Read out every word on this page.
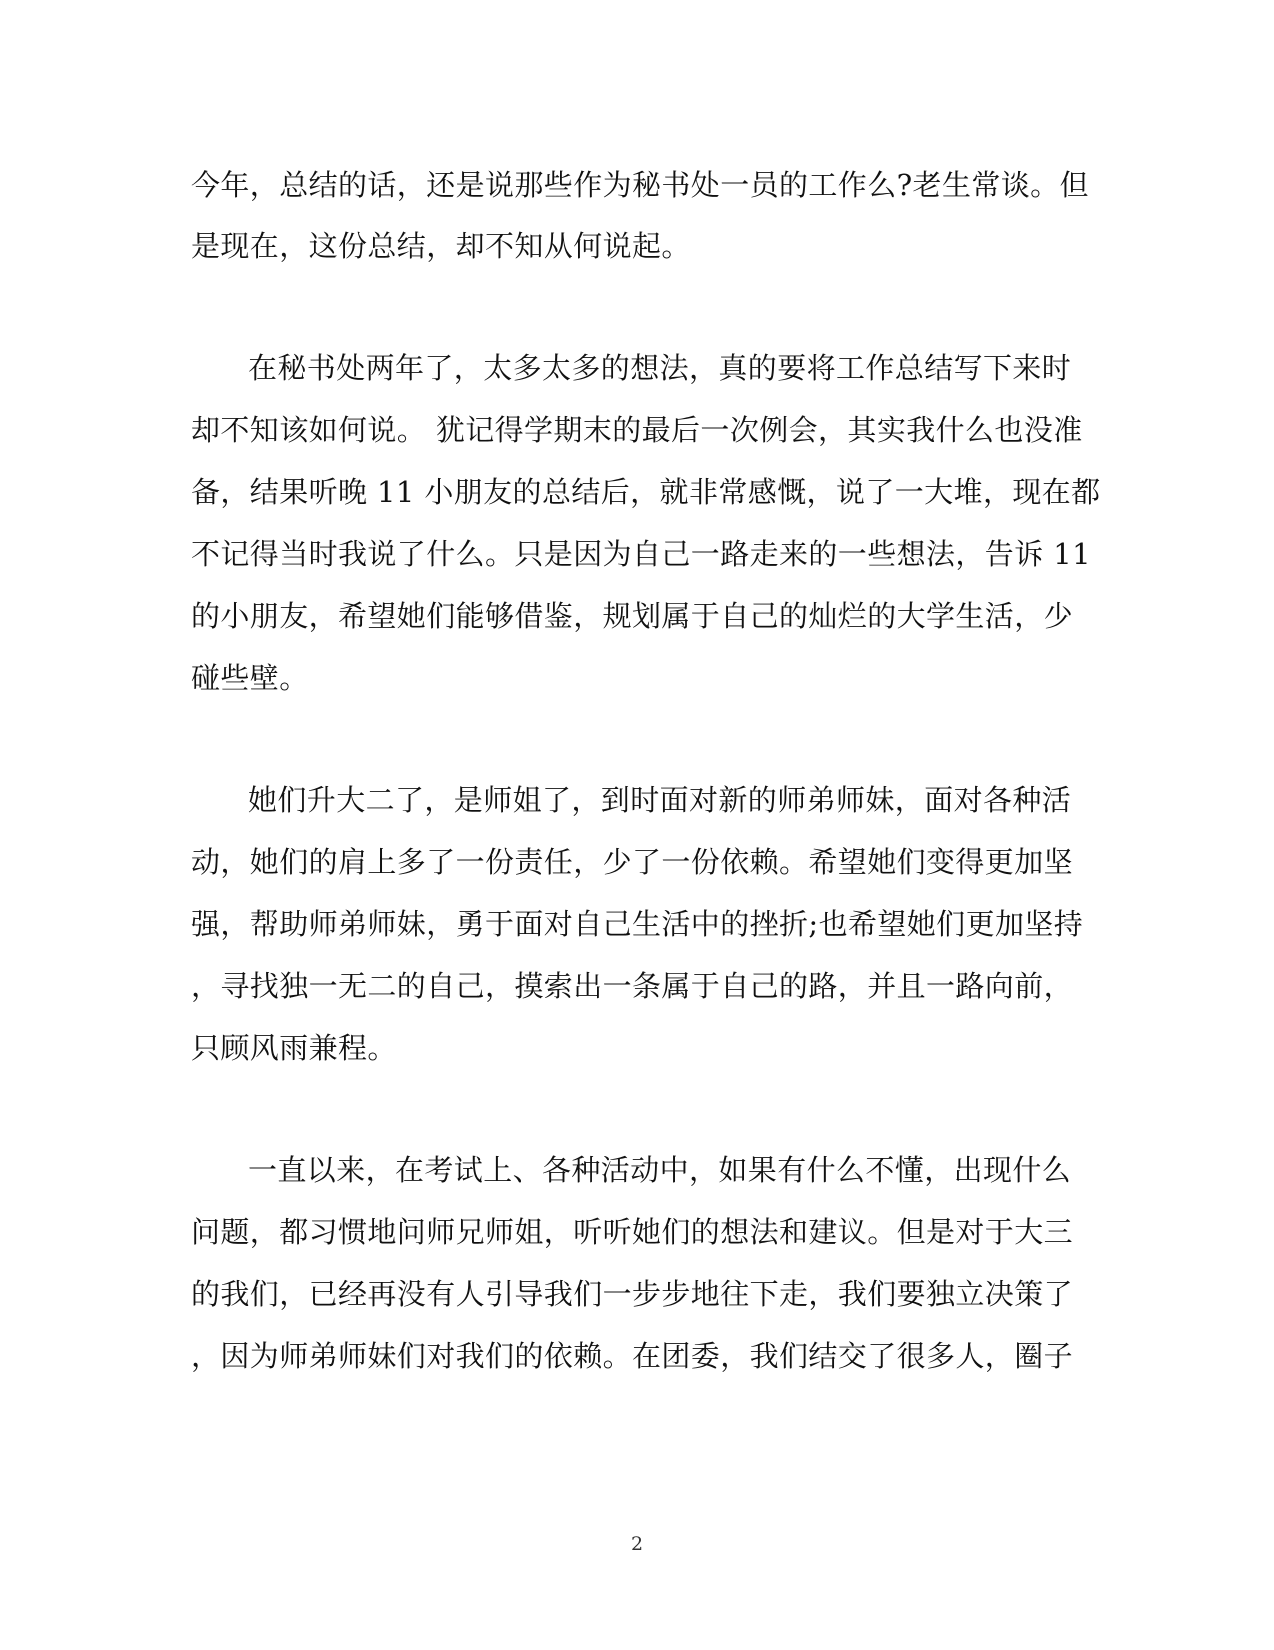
今年，总结的话，还是说那些作为秘书处一员的工作么?老生常谈。但
是现在，这份总结，却不知从何说起。
在秘书处两年了，太多太多的想法，真的要将工作总结写下来时
却不知该如何说。 犹记得学期末的最后一次例会，其实我什么也没准
备，结果听晚 11 小朋友的总结后，就非常感慨，说了一大堆，现在都
不记得当时我说了什么。只是因为自己一路走来的一些想法，告诉 11
的小朋友，希望她们能够借鉴，规划属于自己的灿烂的大学生活，少
碰些壁。
她们升大二了，是师姐了，到时面对新的师弟师妹，面对各种活
动，她们的肩上多了一份责任，少了一份依赖。希望她们变得更加坚
强，帮助师弟师妹，勇于面对自己生活中的挫折;也希望她们更加坚持
，寻找独一无二的自己，摸索出一条属于自己的路，并且一路向前，
只顾风雨兼程。
一直以来，在考试上、各种活动中，如果有什么不懂，出现什么
问题，都习惯地问师兄师姐，听听她们的想法和建议。但是对于大三
的我们，已经再没有人引导我们一步步地往下走，我们要独立决策了
，因为师弟师妹们对我们的依赖。在团委，我们结交了很多人，圈子
2
